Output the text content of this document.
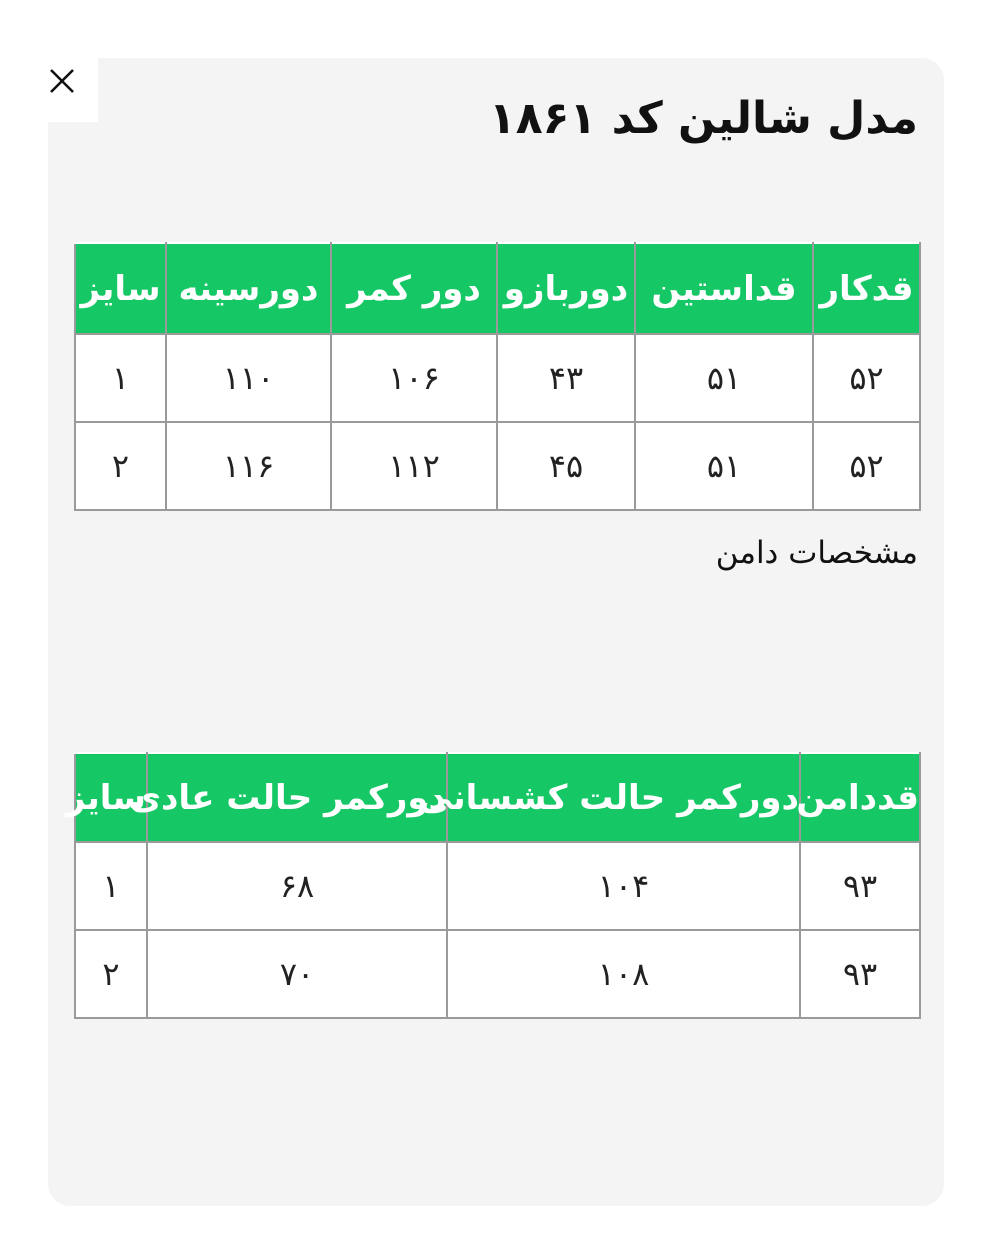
مدل شالین کد ۱۸۶۱
سایز	دورسینه	دور کمر	دوربازو	قداستین	قدکار
۱	۱۱۰	۱۰۶	۴۳	۵۱	۵۲
۲	۱۱۶	۱۱۲	۴۵	۵۱	۵۲
مشخصات دامن
سایز	دورکمر حالت عادی	دورکمر حالت کشسانی	قددامن
۱	۶۸	۱۰۴	۹۳
۲	۷۰	۱۰۸	۹۳
